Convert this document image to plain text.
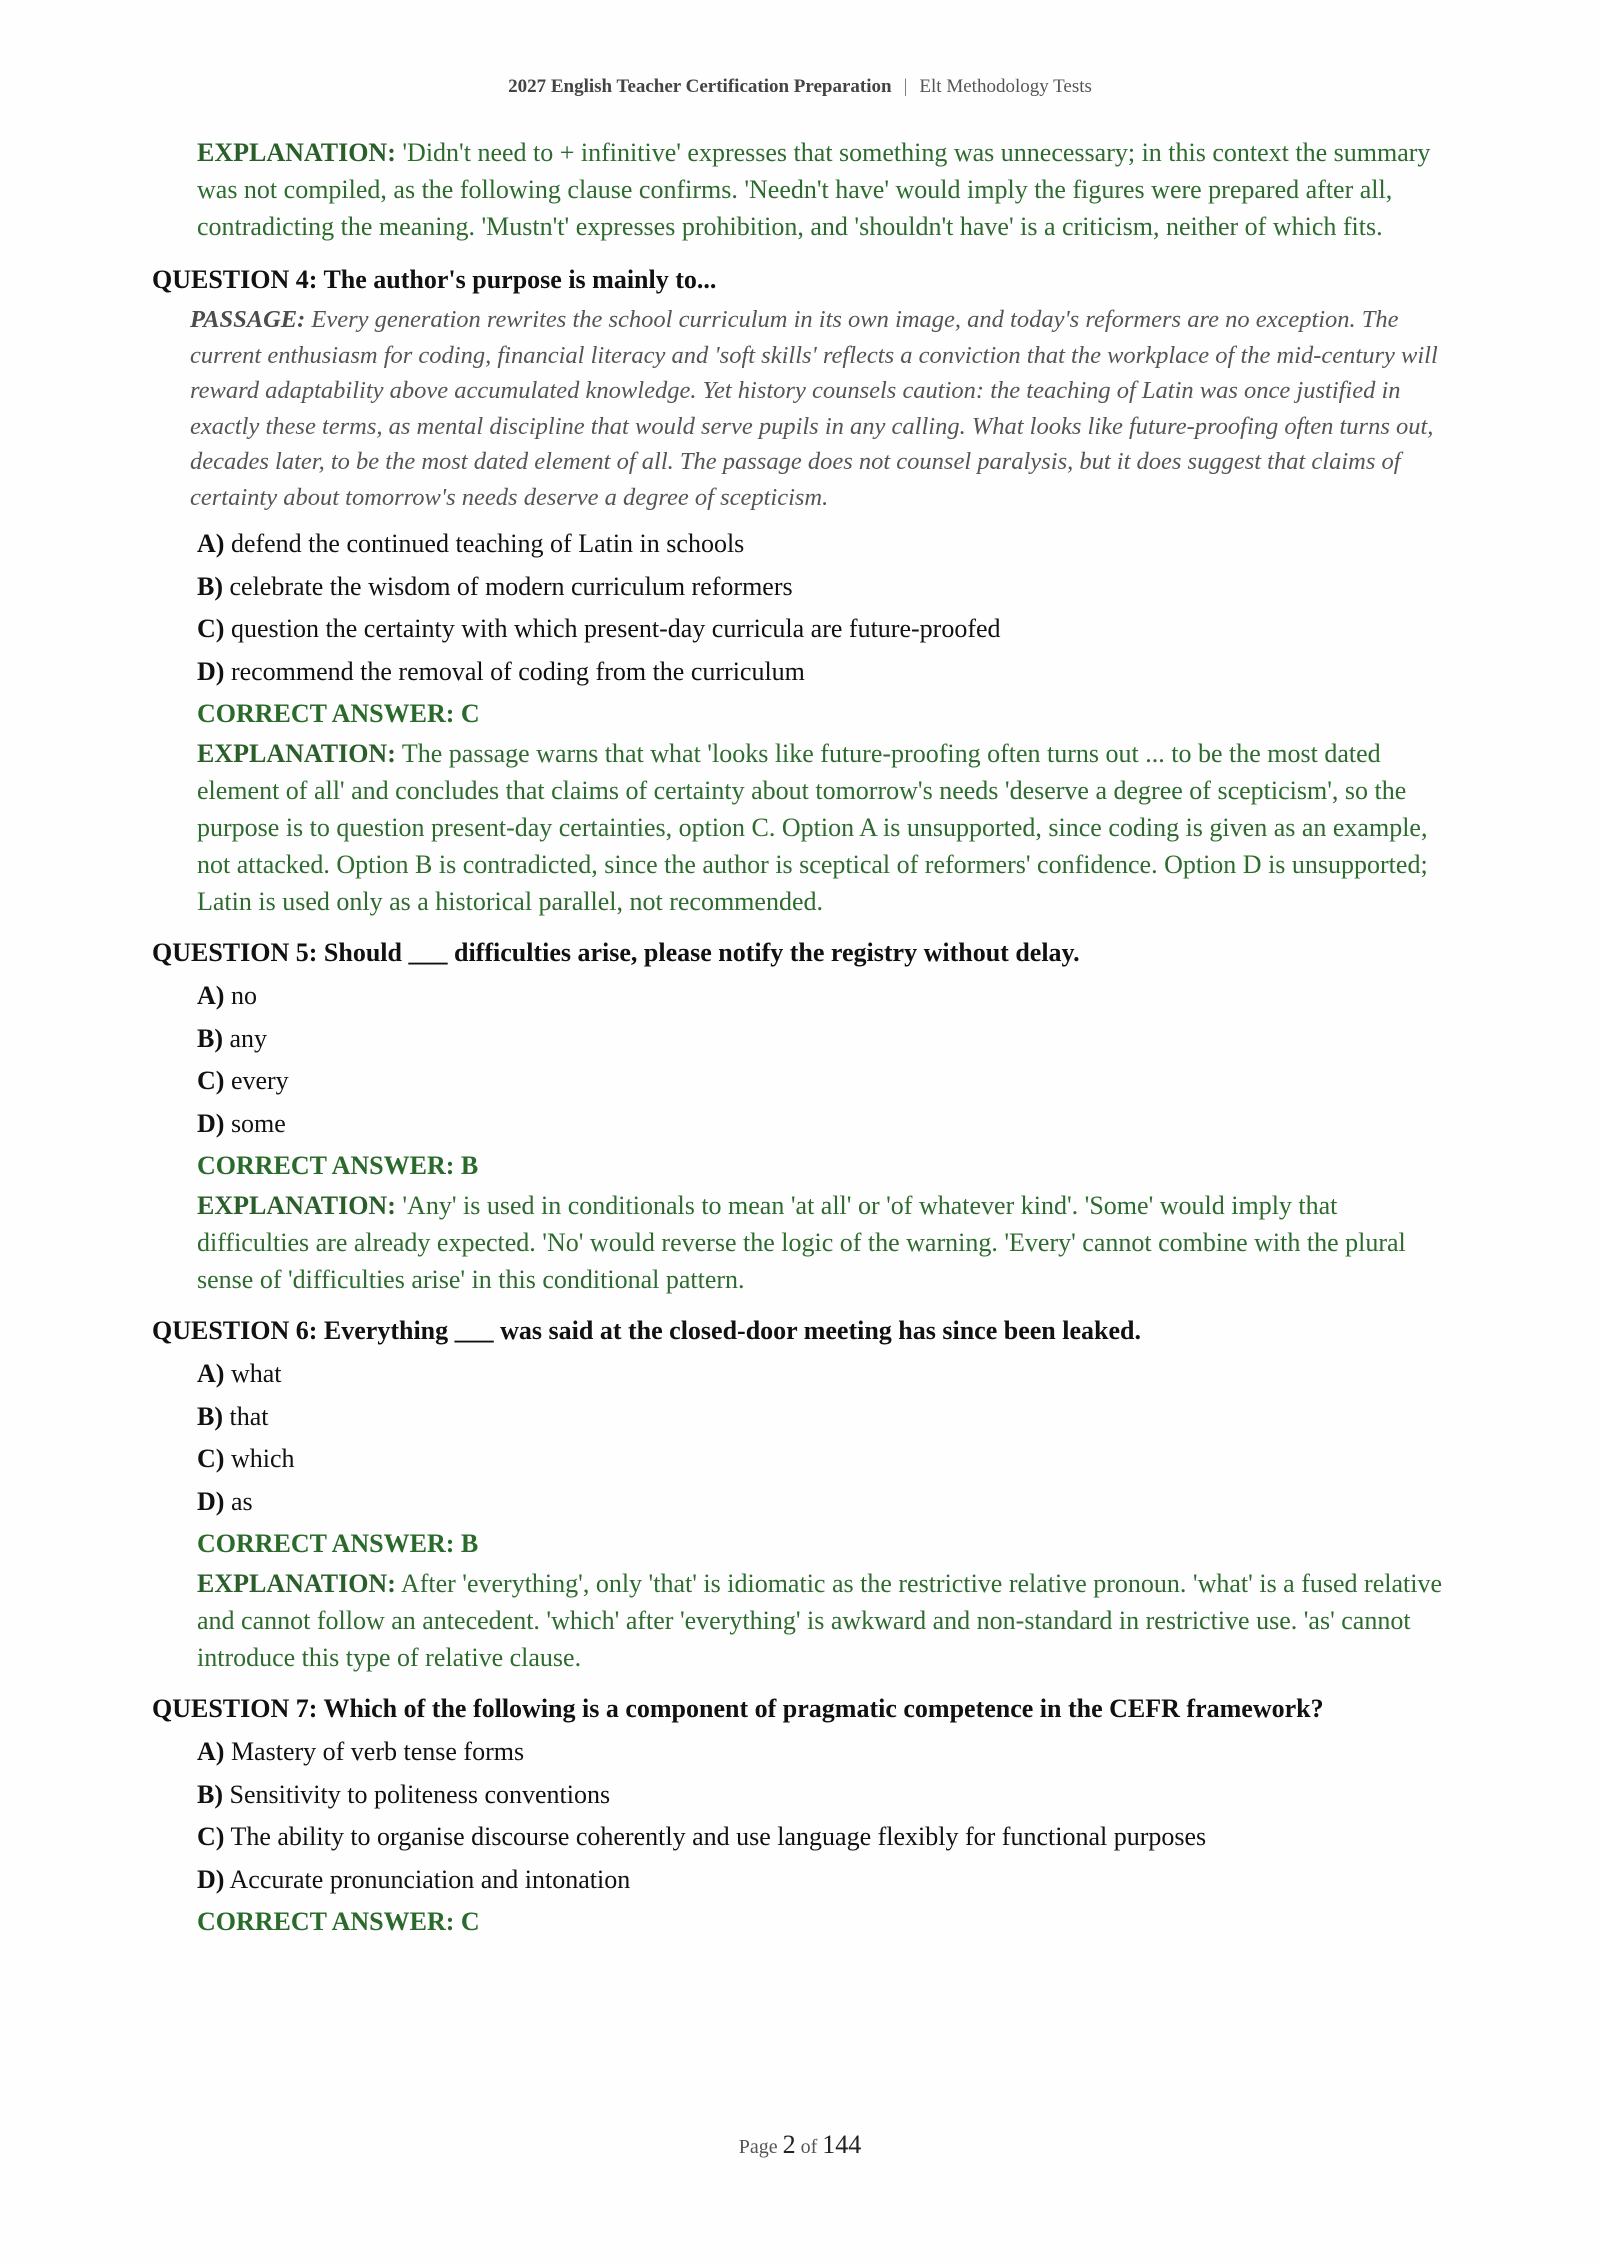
2027 English Teacher Certification Preparation | Elt Methodology Tests

EXPLANATION: 'Didn't need to + infinitive' expresses that something was unnecessary; in this context the summary was not compiled, as the following clause confirms. 'Needn't have' would imply the figures were prepared after all, contradicting the meaning. 'Mustn't' expresses prohibition, and 'shouldn't have' is a criticism, neither of which fits.

QUESTION 4: The author's purpose is mainly to...

PASSAGE: Every generation rewrites the school curriculum in its own image, and today's reformers are no exception. The current enthusiasm for coding, financial literacy and 'soft skills' reflects a conviction that the workplace of the mid-century will reward adaptability above accumulated knowledge. Yet history counsels caution: the teaching of Latin was once justified in exactly these terms, as mental discipline that would serve pupils in any calling. What looks like future-proofing often turns out, decades later, to be the most dated element of all. The passage does not counsel paralysis, but it does suggest that claims of certainty about tomorrow's needs deserve a degree of scepticism.

A) defend the continued teaching of Latin in schools
B) celebrate the wisdom of modern curriculum reformers
C) question the certainty with which present-day curricula are future-proofed
D) recommend the removal of coding from the curriculum
CORRECT ANSWER: C

EXPLANATION: The passage warns that what 'looks like future-proofing often turns out ... to be the most dated element of all' and concludes that claims of certainty about tomorrow's needs 'deserve a degree of scepticism', so the purpose is to question present-day certainties, option C. Option A is unsupported, since coding is given as an example, not attacked. Option B is contradicted, since the author is sceptical of reformers' confidence. Option D is unsupported; Latin is used only as a historical parallel, not recommended.

QUESTION 5: Should ___ difficulties arise, please notify the registry without delay.
A) no
B) any
C) every
D) some
CORRECT ANSWER: B

EXPLANATION: 'Any' is used in conditionals to mean 'at all' or 'of whatever kind'. 'Some' would imply that difficulties are already expected. 'No' would reverse the logic of the warning. 'Every' cannot combine with the plural sense of 'difficulties arise' in this conditional pattern.

QUESTION 6: Everything ___ was said at the closed-door meeting has since been leaked.
A) what
B) that
C) which
D) as
CORRECT ANSWER: B

EXPLANATION: After 'everything', only 'that' is idiomatic as the restrictive relative pronoun. 'what' is a fused relative and cannot follow an antecedent. 'which' after 'everything' is awkward and non-standard in restrictive use. 'as' cannot introduce this type of relative clause.

QUESTION 7: Which of the following is a component of pragmatic competence in the CEFR framework?
A) Mastery of verb tense forms
B) Sensitivity to politeness conventions
C) The ability to organise discourse coherently and use language flexibly for functional purposes
D) Accurate pronunciation and intonation
CORRECT ANSWER: C
Page 2 of 144
